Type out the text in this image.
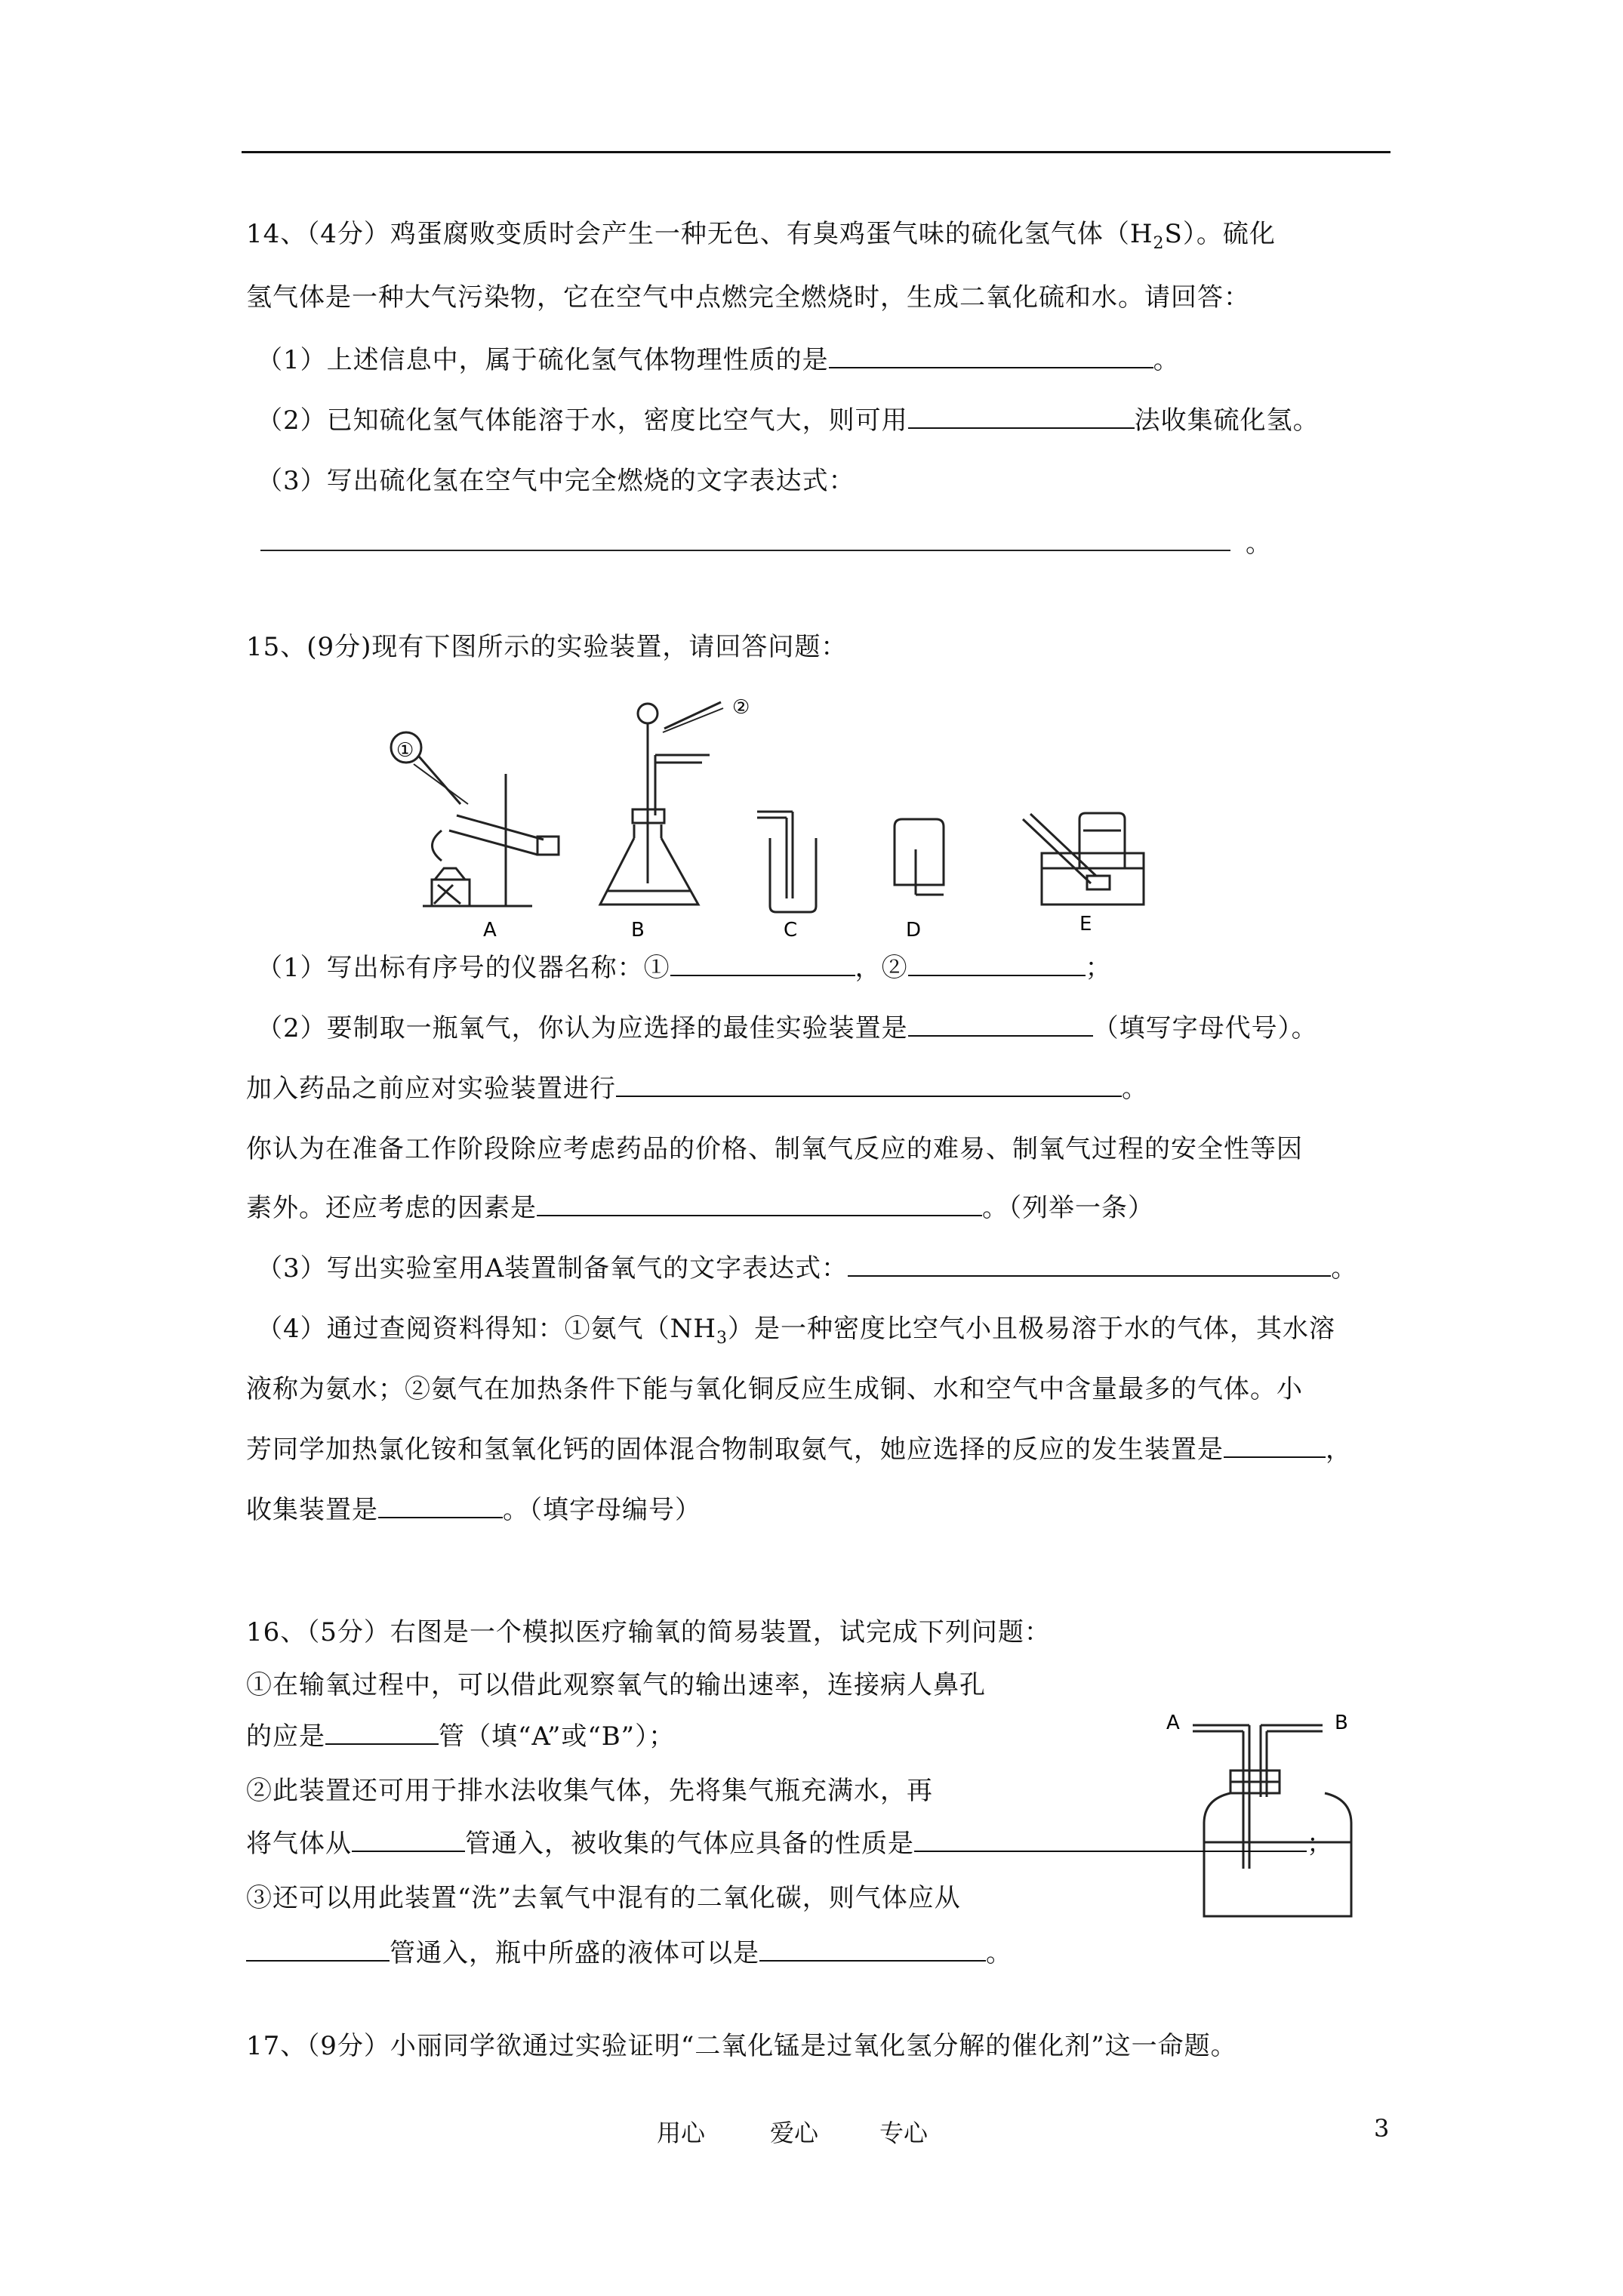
14、（4分）鸡蛋腐败变质时会产生一种无色、有臭鸡蛋气味的硫化氢气体$(H_2S)$。硫化
氢气体是一种大气污染物，它在空气中点燃完全燃烧时，生成二氧化硫和水。请回答：
（1）上述信息中，属于硫化氢气体物理性质的是	。
（2）已知硫化氢气体能溶于水，密度比空气大，则可用	法收集硫化氢。
（3）写出硫化氢在空气中完全燃烧的文字表达式：
。
15、(9分)现有下图所示的实验装置，请回答问题：
①
②
A	B	C	D	E
A	B
（1）写出标有序号的仪器名称：①	，②	；
（2）要制取一瓶氧气，你认为应选择的最佳实验装置是	（填写字母代号）。
加入药品之前应对实验装置进行	。
你认为在准备工作阶段除应考虑药品的价格、制氧气反应的难易、制氧气过程的安全性等因
素外。还应考虑的因素是	。（列举一条）
（3）写出实验室用A装置制备氧气的文字表达式：	。
（4）通过查阅资料得知：①氨气$(NH_3)$是一种密度比空气小且极易溶于水的气体，其水溶
液称为氨水；②氨气在加热条件下能与氧化铜反应生成铜、水和空气中含量最多的气体。小
芳同学加热氯化铵和氢氧化钙的固体混合物制取氨气，她应选择的反应的发生装置是	，
收集装置是	。（填字母编号）
16、（5分）右图是一个模拟医疗输氧的简易装置，试完成下列问题：
①在输氧过程中，可以借此观察氧气的输出速率，连接病人鼻孔
的应是	管（填“A”或“B”）；
②此装置还可用于排水法收集气体，先将集气瓶充满水，再
将气体从	管通入，被收集的气体应具备的性质是	；
③还可以用此装置“洗”去氧气中混有的二氧化碳，则气体应从
管通入，瓶中所盛的液体可以是	。
17、（9分）小丽同学欲通过实验证明“二氧化锰是过氧化氢分解的催化剂”这一命题。
用心	爱心	专心	3
